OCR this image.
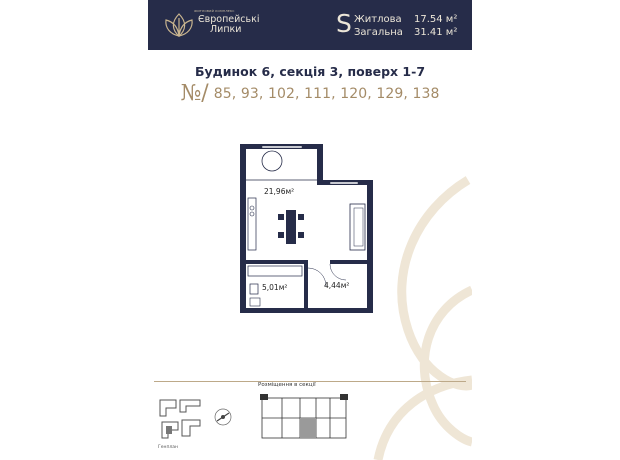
ЖИТЛОВИЙ КОМПЛЕКС
Європейські
Липки	S Житлова 17.54 м²
Загальна 31.41 м²
Будинок 6, секція 3, поверх 1-7
№/ 85, 93, 102, 111, 120, 129, 138
21,96м²
5,01м²	4,44м²
Розміщення в секції
Генплан
